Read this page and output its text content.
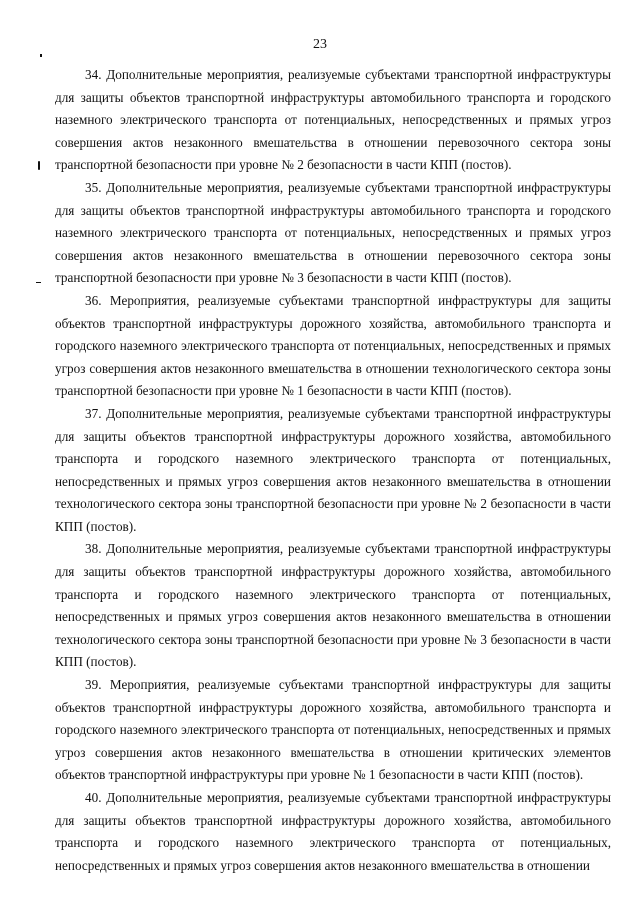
23

34. Дополнительные мероприятия, реализуемые субъектами транспортной инфраструктуры для защиты объектов транспортной инфраструктуры автомобильного транспорта и городского наземного электрического транспорта от потенциальных, непосредственных и прямых угроз совершения актов незаконного вмешательства в отношении перевозочного сектора зоны транспортной безопасности при уровне № 2 безопасности в части КПП (постов).

35. Дополнительные мероприятия, реализуемые субъектами транспортной инфраструктуры для защиты объектов транспортной инфраструктуры автомобильного транспорта и городского наземного электрического транспорта от потенциальных, непосредственных и прямых угроз совершения актов незаконного вмешательства в отношении перевозочного сектора зоны транспортной безопасности при уровне № 3 безопасности в части КПП (постов).

36. Мероприятия, реализуемые субъектами транспортной инфраструктуры для защиты объектов транспортной инфраструктуры дорожного хозяйства, автомобильного транспорта и городского наземного электрического транспорта от потенциальных, непосредственных и прямых угроз совершения актов незаконного вмешательства в отношении технологического сектора зоны транспортной безопасности при уровне № 1 безопасности в части КПП (постов).

37. Дополнительные мероприятия, реализуемые субъектами транспортной инфраструктуры для защиты объектов транспортной инфраструктуры дорожного хозяйства, автомобильного транспорта и городского наземного электрического транспорта от потенциальных, непосредственных и прямых угроз совершения актов незаконного вмешательства в отношении технологического сектора зоны транспортной безопасности при уровне № 2 безопасности в части КПП (постов).

38. Дополнительные мероприятия, реализуемые субъектами транспортной инфраструктуры для защиты объектов транспортной инфраструктуры дорожного хозяйства, автомобильного транспорта и городского наземного электрического транспорта от потенциальных, непосредственных и прямых угроз совершения актов незаконного вмешательства в отношении технологического сектора зоны транспортной безопасности при уровне № 3 безопасности в части КПП (постов).

39. Мероприятия, реализуемые субъектами транспортной инфраструктуры для защиты объектов транспортной инфраструктуры дорожного хозяйства, автомобильного транспорта и городского наземного электрического транспорта от потенциальных, непосредственных и прямых угроз совершения актов незаконного вмешательства в отношении критических элементов объектов транспортной инфраструктуры при уровне № 1 безопасности в части КПП (постов).

40. Дополнительные мероприятия, реализуемые субъектами транспортной инфраструктуры для защиты объектов транспортной инфраструктуры дорожного хозяйства, автомобильного транспорта и городского наземного электрического транспорта от потенциальных, непосредственных и прямых угроз совершения актов незаконного вмешательства в отношении
